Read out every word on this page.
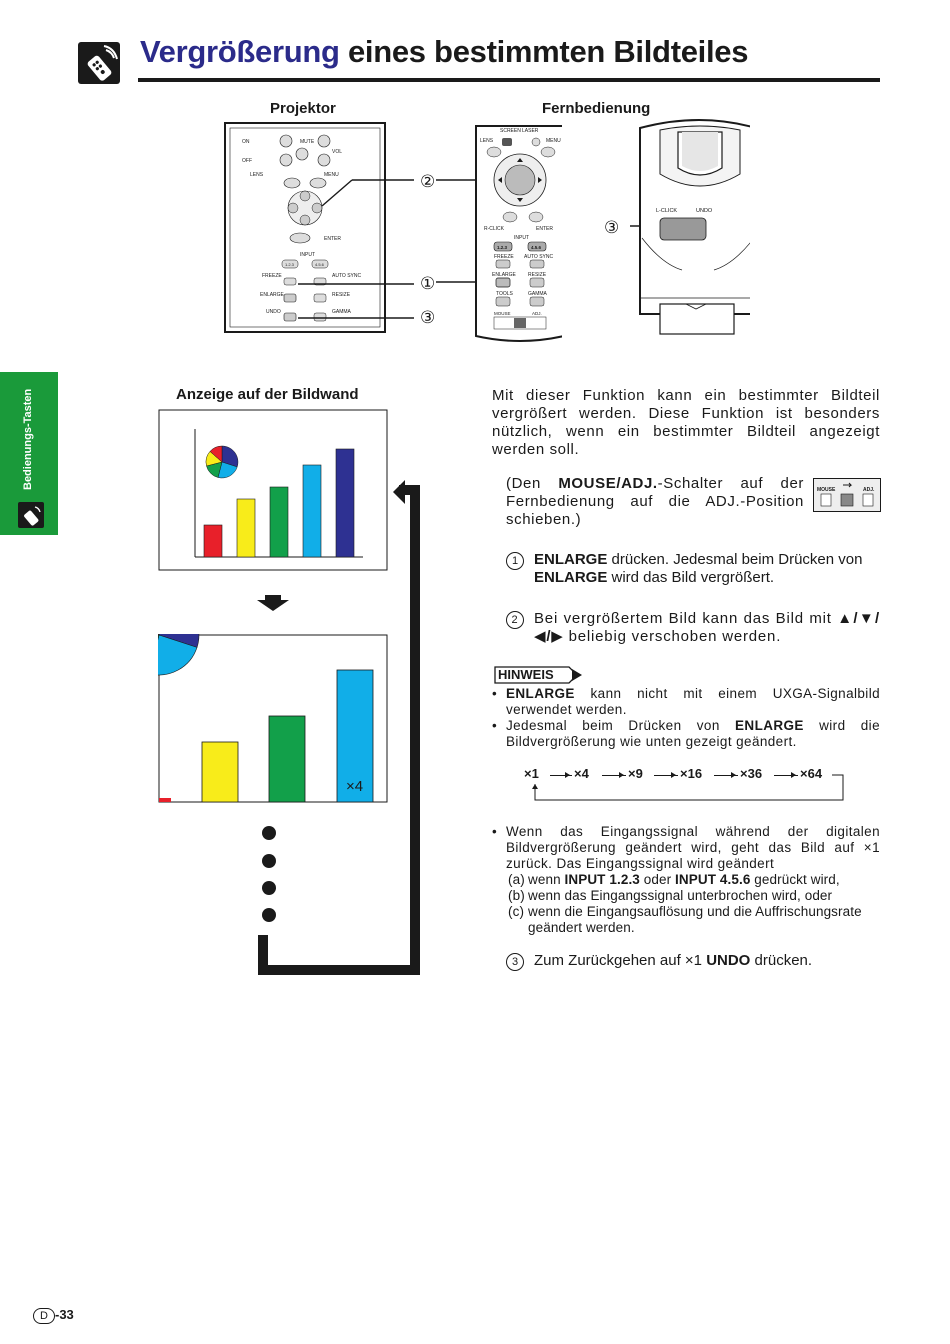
Vergrößerung eines bestimmten Bildteiles
Projektor	Fernbedienung
ON	MUTE
VOL
OFF
LENS	MENU
ENTER
INPUT
1.2.3	4.5.6
FREEZE	AUTO SYNC
ENLARGE	RESIZE
UNDO	GAMMA
②
①
③
SCREEN LASER
LENS	MENU
R-CLICK	ENTER
INPUT
1.2.3	4.5.6
FREEZE AUTO SYNC
ENLARGE RESIZE
TOOLS	GAMMA
MOUSE	ADJ.
L-CLICK	UNDO
③
Bedienungs-Tasten	Anzeige auf der Bildwand
×4
Mit dieser Funktion kann ein bestimmter Bildteil vergrößert werden. Diese Funktion ist besonders nützlich, wenn ein bestimmter Bildteil angezeigt werden soll.
(Den MOUSE/ADJ.-Schalter auf der Fernbedienung auf die ADJ.-Position schieben.)
MOUSE	ADJ.
1 ENLARGE drücken. Jedesmal beim Drücken von ENLARGE wird das Bild vergrößert.
2 Bei vergrößertem Bild kann das Bild mit ▲/▼/◀/▶ beliebig verschoben werden.
HINWEIS
• ENLARGE kann nicht mit einem UXGA-Signalbild verwendet werden.
• Jedesmal beim Drücken von ENLARGE wird die Bildvergrößerung wie unten gezeigt geändert.
×1	×4	×9	×16	×36	×64
• Wenn das Eingangssignal während der digitalen Bildvergrößerung geändert wird, geht das Bild auf ×1 zurück. Das Eingangssignal wird geändert
(a) wenn INPUT 1.2.3 oder INPUT 4.5.6 gedrückt wird,
(b) wenn das Eingangssignal unterbrochen wird, oder
(c) wenn die Eingangsauflösung und die Auffrischungsrate geändert werden.
3 Zum Zurückgehen auf ×1 UNDO drücken.
D -33
